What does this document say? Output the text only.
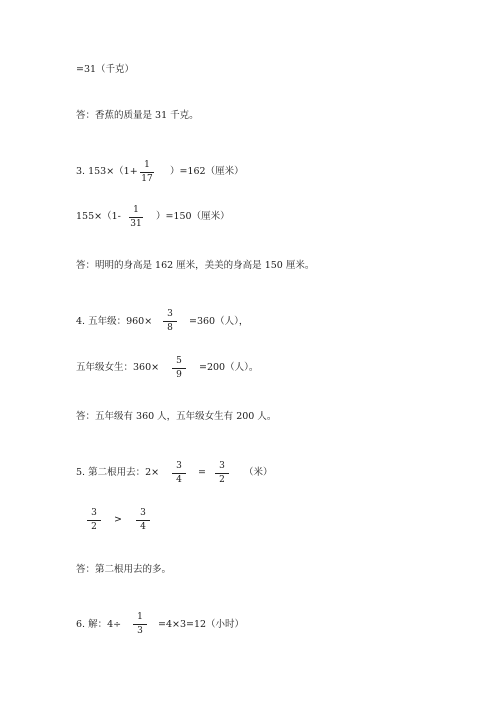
=31（千克）
答：香蕉的质量是 31 千克。
3. 153×（1+
1
17
）=162（厘米）
155×（1-
1
31
）=150（厘米）
答：明明的身高是 162 厘米，美美的身高是 150 厘米。
4. 五年级：960×
3
8
=360（人），
五年级女生：360×
5
9
=200（人）。
答：五年级有 360 人，五年级女生有 200 人。
5. 第二根用去：2×
3
4
=
3
2
（米）
3
2
>
3
4
答：第二根用去的多。
6. 解：4÷
1
3
=4×3=12（小时）
